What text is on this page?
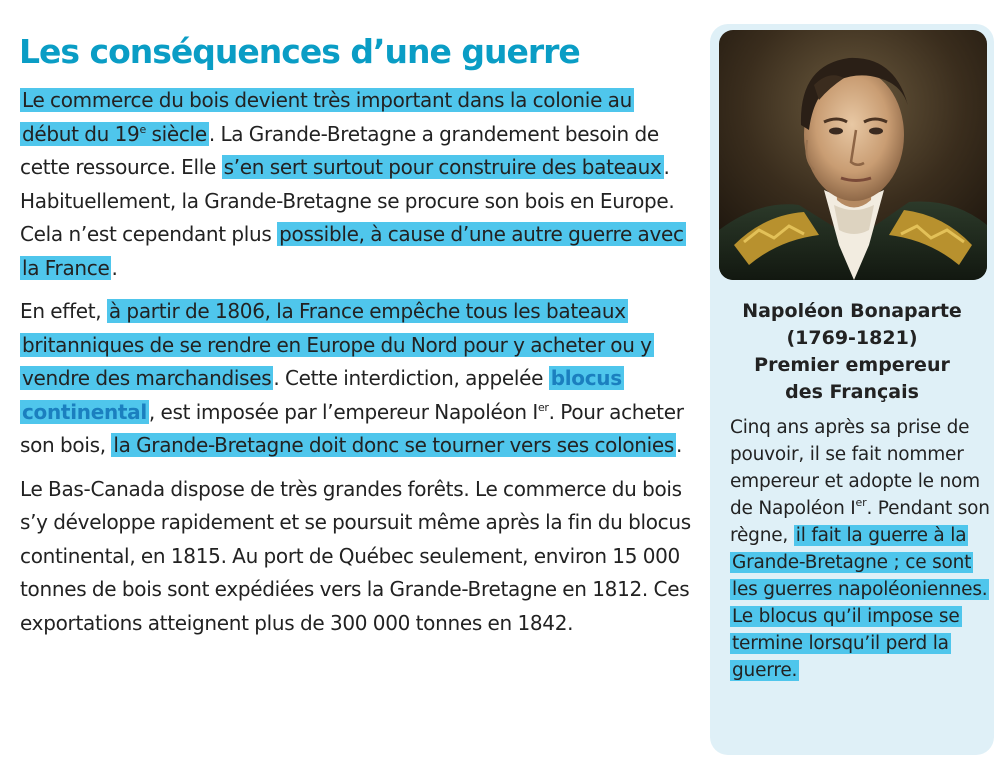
Les conséquences d’une guerre

Le commerce du bois devient très important dans la colonie au début du 19e siècle . La Grande-Bretagne a grandement besoin de cette ressource. Elle s’en sert surtout pour construire des bateaux . Habituellement, la Grande-Bretagne se procure son bois en Europe. Cela n’est cependant plus possible, à cause d’une autre guerre avec la France .

En effet, à partir de 1806, la France empêche tous les bateaux britanniques de se rendre en Europe du Nord pour y acheter ou y vendre des marchandises . Cette interdiction, appelée blocus continental , est imposée par l’empereur Napoléon Ier. Pour acheter son bois, la Grande-Bretagne doit donc se tourner vers ses colonies .

Le Bas-Canada dispose de très grandes forêts. Le commerce du bois s’y développe rapidement et se poursuit même après la fin du blocus continental, en 1815. Au port de Québec seulement, environ 15 000 tonnes de bois sont expédiées vers la Grande-Bretagne en 1812. Ces exportations atteignent plus de 300 000 tonnes en 1842.

Napoléon Bonaparte
(1769-1821)
Premier empereur
des Français
Cinq ans après sa prise de pouvoir, il se fait nommer empereur et adopte le nom de Napoléon Ier. Pendant son règne, il fait la guerre à la Grande-Bretagne ; ce sont les guerres napoléoniennes. Le blocus qu’il impose se termine lorsqu’il perd la guerre.
